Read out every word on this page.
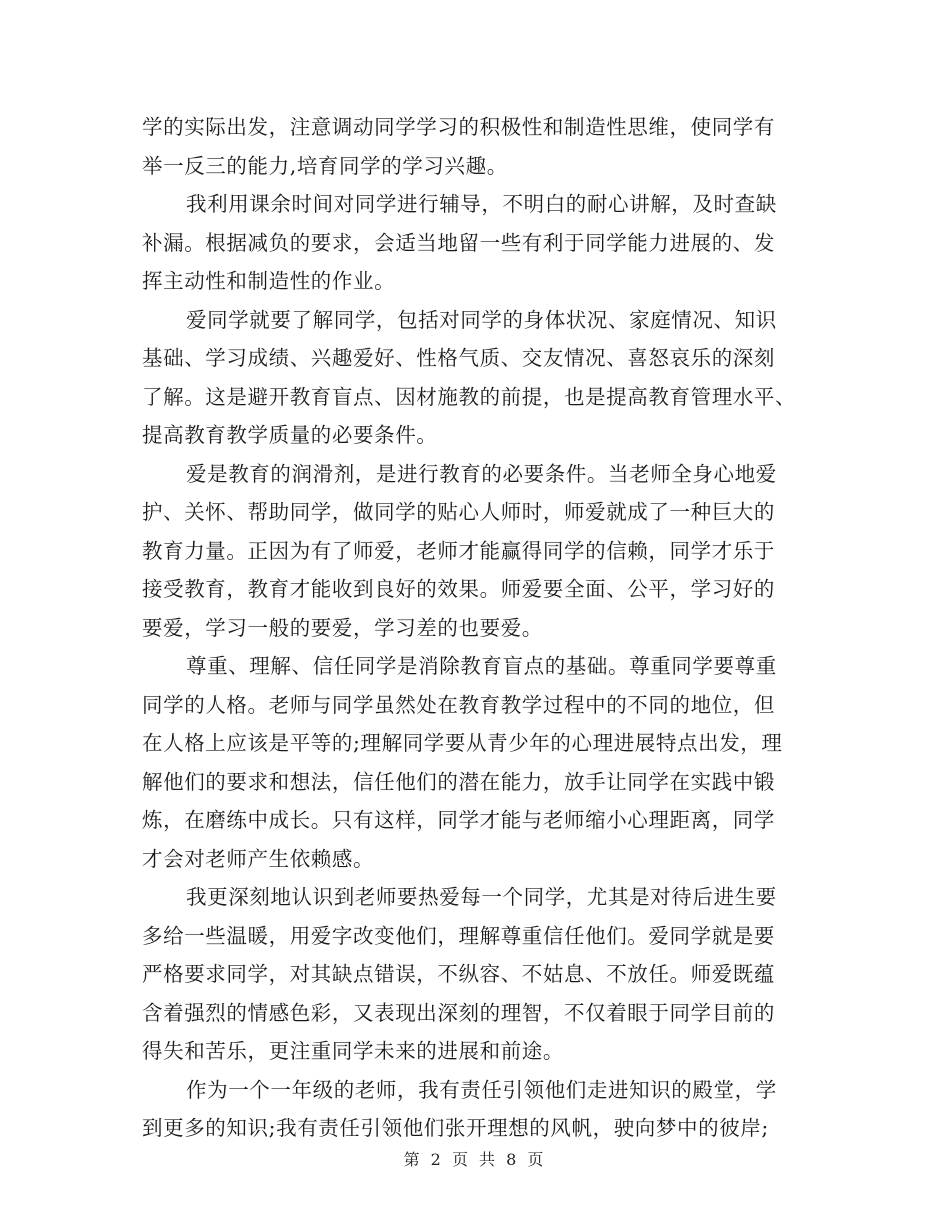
学的实际出发，注意调动同学学习的积极性和制造性思维，使同学有
举一反三的能力,培育同学的学习兴趣。
我利用课余时间对同学进行辅导，不明白的耐心讲解，及时查缺
补漏。根据减负的要求，会适当地留一些有利于同学能力进展的、发
挥主动性和制造性的作业。
爱同学就要了解同学，包括对同学的身体状况、家庭情况、知识
基础、学习成绩、兴趣爱好、性格气质、交友情况、喜怒哀乐的深刻
了解。这是避开教育盲点、因材施教的前提，也是提高教育管理水平、
提高教育教学质量的必要条件。
爱是教育的润滑剂，是进行教育的必要条件。当老师全身心地爱
护、关怀、帮助同学，做同学的贴心人师时，师爱就成了一种巨大的
教育力量。正因为有了师爱，老师才能赢得同学的信赖，同学才乐于
接受教育，教育才能收到良好的效果。师爱要全面、公平，学习好的
要爱，学习一般的要爱，学习差的也要爱。
尊重、理解、信任同学是消除教育盲点的基础。尊重同学要尊重
同学的人格。老师与同学虽然处在教育教学过程中的不同的地位，但
在人格上应该是平等的;理解同学要从青少年的心理进展特点出发，理
解他们的要求和想法，信任他们的潜在能力，放手让同学在实践中锻
炼，在磨练中成长。只有这样，同学才能与老师缩小心理距离，同学
才会对老师产生依赖感。
我更深刻地认识到老师要热爱每一个同学，尤其是对待后进生要
多给一些温暖，用爱字改变他们，理解尊重信任他们。爱同学就是要
严格要求同学，对其缺点错误，不纵容、不姑息、不放任。师爱既蕴
含着强烈的情感色彩，又表现出深刻的理智，不仅着眼于同学目前的
得失和苦乐，更注重同学未来的进展和前途。
作为一个一年级的老师，我有责任引领他们走进知识的殿堂，学
到更多的知识;我有责任引领他们张开理想的风帆，驶向梦中的彼岸;
第 2 页 共 8 页
